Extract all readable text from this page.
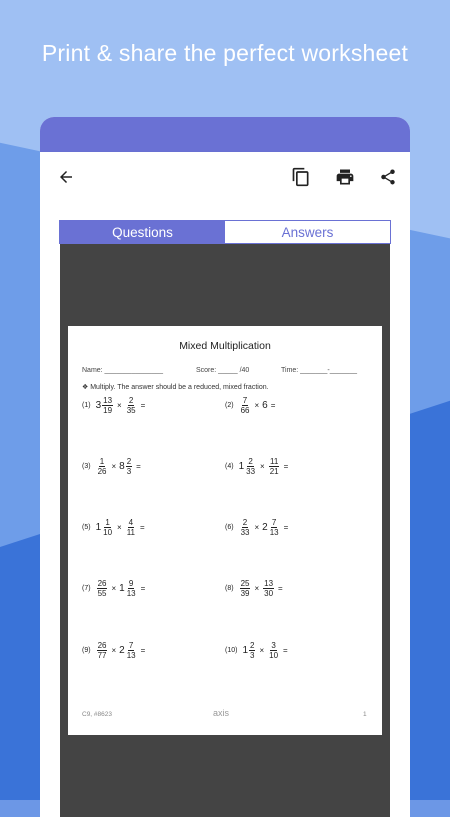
Print & share the perfect worksheet
Questions	Answers
Mixed Multiplication
Name: _______________	Score: _____ /40	Time: _______-_______
❖ Multiply. The answer should be a reduced, mixed fraction.
(1) $3 \frac{13}{19} \times \frac{2}{35}$ =	$(2) \frac{7}{66} \times 6$ =
$(3) \frac{1}{26} \times 8 \frac{2}{3}$ =	(4) $1 \frac{2}{33} \times \frac{11}{21}$ =
(5) $1 \frac{1}{10} \times \frac{4}{11}$ =	$(6) \frac{2}{33} \times 2 \frac{7}{13}$ =
$(7) \frac{26}{55} \times 1 \frac{9}{13}$ =	$(8) \frac{25}{39} \times \frac{13}{30}$ =
$(9) \frac{26}{77} \times 2 \frac{7}{13}$ =	(10) $1 \frac{2}{3} \times \frac{3}{10}$ =
C9, #8623	axis	1
